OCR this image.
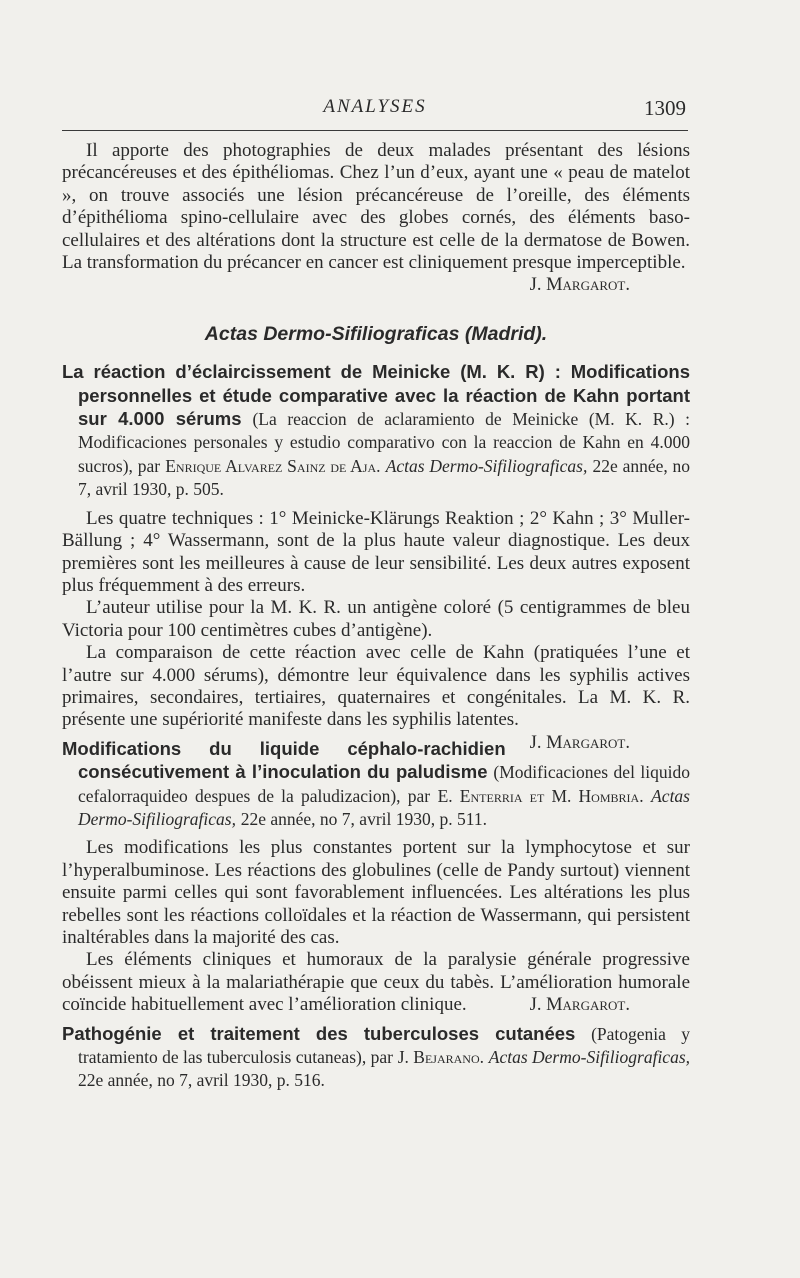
ANALYSES	1309

Il apporte des photographies de deux malades présentant des lésions précancéreuses et des épithéliomas. Chez l’un d’eux, ayant une « peau de matelot », on trouve associés une lésion précancéreuse de l’oreille, des éléments d’épithélioma spino-cellulaire avec des globes cornés, des éléments baso-cellulaires et des altérations dont la structure est celle de la dermatose de Bowen. La transformation du précancer en cancer est cliniquement presque imperceptible.

J. Margarot.

Actas Dermo-Sifiliograficas (Madrid).

La réaction d’éclaircissement de Meinicke (M. K. R) : Modifications personnelles et étude comparative avec la réaction de Kahn portant sur 4.000 sérums (La reaccion de aclaramiento de Meinicke (M. K. R.) : Modificaciones personales y estudio comparativo con la reaccion de Kahn en 4.000 sucros), par Enrique Alvarez Sainz de Aja. Actas Dermo-Sifiliograficas, 22e année, no 7, avril 1930, p. 505.

Les quatre techniques : 1° Meinicke-Klärungs Reaktion ; 2° Kahn ; 3° Muller-Bällung ; 4° Wassermann, sont de la plus haute valeur diagnostique. Les deux premières sont les meilleures à cause de leur sensibilité. Les deux autres exposent plus fréquemment à des erreurs.

L’auteur utilise pour la M. K. R. un antigène coloré (5 centigrammes de bleu Victoria pour 100 centimètres cubes d’antigène).

La comparaison de cette réaction avec celle de Kahn (pratiquées l’une et l’autre sur 4.000 sérums), démontre leur équivalence dans les syphilis actives primaires, secondaires, tertiaires, quaternaires et congénitales. La M. K. R. présente une supériorité manifeste dans les syphilis latentes.
J. Margarot.

Modifications du liquide céphalo-rachidien consécutivement à l’inoculation du paludisme (Modificaciones del liquido cefalorraquideo despues de la paludizacion), par E. Enterria et M. Hombria. Actas Dermo-Sifiliograficas, 22e année, no 7, avril 1930, p. 511.

Les modifications les plus constantes portent sur la lymphocytose et sur l’hyperalbuminose. Les réactions des globulines (celle de Pandy surtout) viennent ensuite parmi celles qui sont favorablement influencées. Les altérations les plus rebelles sont les réactions colloïdales et la réaction de Wassermann, qui persistent inaltérables dans la majorité des cas.

Les éléments cliniques et humoraux de la paralysie générale progressive obéissent mieux à la malariathérapie que ceux du tabès. L’amélioration humorale coïncide habituellement avec l’amélioration clinique.	J. Margarot.

Pathogénie et traitement des tuberculoses cutanées (Patogenia y tratamiento de las tuberculosis cutaneas), par J. Bejarano. Actas Dermo-Sifiliograficas, 22e année, no 7, avril 1930, p. 516.
